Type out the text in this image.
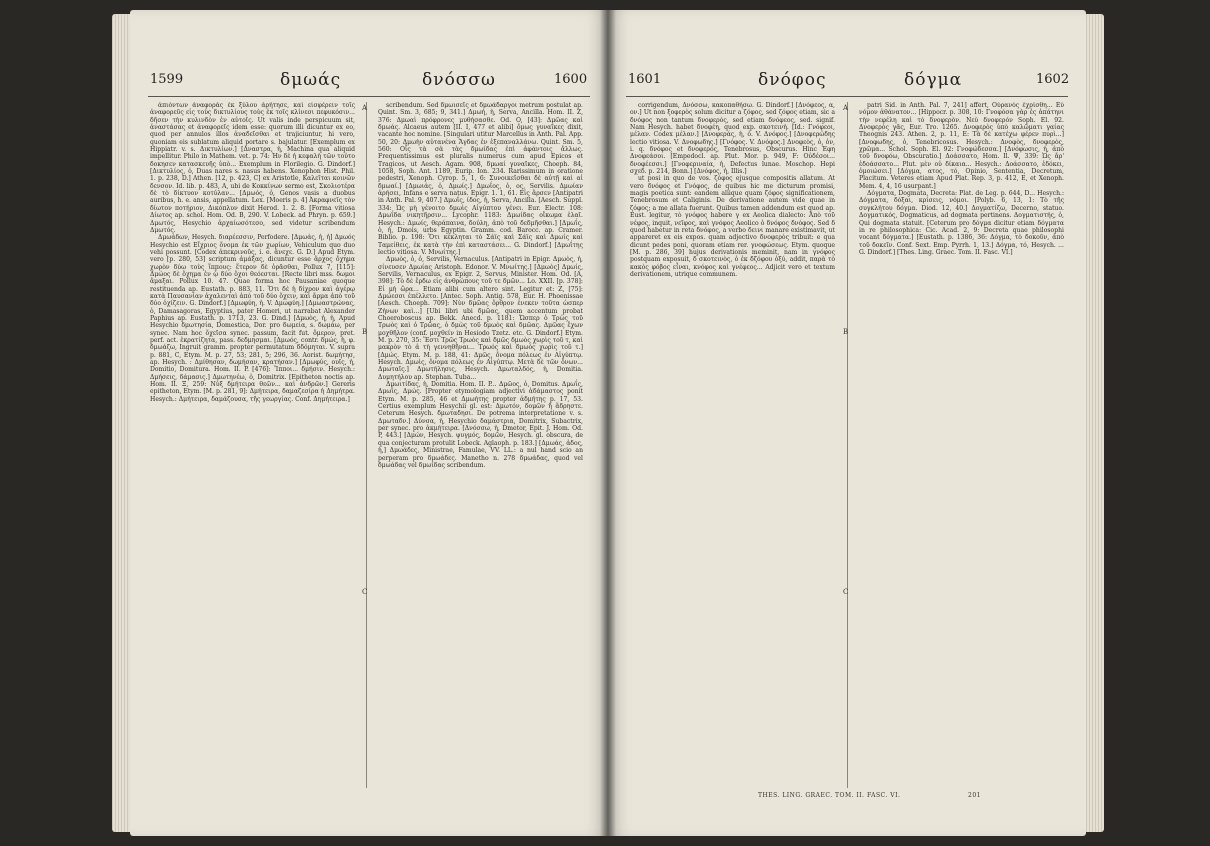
1599	δμωάς	δνόσσω	1600

ἀπιόντων ἀναφορὰς ἐκ ξύλου ἀρήτησε, καὶ εἰσφέρειν τοῖς ἀναφορεῦς εἰς τοὺς δικτυλίους τοὺς ἐκ τοῖς κλίνεσι πεφυκόσιν... δῆσεν τὴν κυλινδὸν ἐν αὐτοῖς. Ut valis inde perspicuum sit, ἀναστάσας et ἀναφορεῖς idem esse: quorum illi dicuntur ex eo, quod per annulos illos ἀναδεῖσθαι et trajiciuntur, hi vero, quoniam eis sublatum aliquid portare s. bajulatur. [Exemplum ex Hippiatr. v. s. Δικτυλίων.] [Δναστρα, ἡ, Machina qua aliquid impellitur. Philo in Mathem. vet. p. 74: Ἡν δὲ ἡ κεφαλὴ τῶν τούτο δοκησεν κατασκευῆς ὑπὸ... Exemplum in Florilegio. G. Dindorf.] [Δικτυλίος, ὁ, Duas nares s. nasus habens. Xenophon Hist. Phil. 1. p. 238, D.] Athen. [12, p. 423, C] ex Aristotle, Καλεῖται κοινῶν δενσον. Id. lib. p. 483, A, ubi de Κοκκίνων sermo est, Σκολιοτέρα δὲ τὸ δίκτυον κοτύλαν... [Δμωός, ὁ, Genos vasis a duobus auribus, h. e. ansis, appellatum. Lex. [Moeris p. 4] Ἀκραφνεῖς τὸν δίωτον ποτήριον, Δικόπλυν dixit Herod. 1. 2. 8. [Forma vitiosa Δίωτος ap. schol. Hom. Od. B, 290. V. Lobeck. ad Phryn. p. 659.] Δμωτός, Hesychio ἀρχαίωσότεσο, sed videtur scribendum Δμωτός.

Δμωάδων, Hesych. διαρέεσσιν, Perfodere. [Δμωάς, ἡ, ἡ] Δμωός Hesychio est Εἴχριος ὄνομα ἐκ τῶν χωρίων, Vehiculum quo duo vehi possunt. [Codex ἀπεκρινοῦς, i. e. ἄνεχε. G. D.] Apud Etym. vero [p. 280, 53] scriptum ἀμάξας, dicuntur esse ἄρχος ὄχημα χωρὸν δύω τοὺς ἵππους: ἕτερον δὲ ὁρᾶσθαι, Pollux 7, [115]: Δμώος δὲ ὄχημα ἐν ᾧ δύο ὄχοι θεόεσται. [Recte libri mss. δωμοι ἄμαξαι. Pollux 10. 47. Quae forma hoc Pausaniae quoque restituenda ap. Eustath. p. 883, 11. Ὅτι δὲ ἡ δίχρον καὶ ἀγέρῳ κατὰ Παυσανίαν ἀχαλενταὶ ἀπὸ τοῦ δύο ὄχειν, καὶ ἄρμα ἀπὸ τοῦ δύο ὀχίζειν. G. Dindorf.] [Δμωφύη, ἡ. V. Δμωφύη.] [Δμωαστρώνας, ὁ, Damasagoras, Egyptius, pater Homeri, ut narrabat Alexander Paphius ap. Eustath. p. 1713, 23. G. Dind.] [Δμωὸς, ἡ, ἡ, Apud Hesychio δμωτησία, Domestica, Dor. pro δωμεία, s. δωμάω, per synec. Nam hoc ὄχεῖσα synec. passum, facit fut. ὄμερον, pret. perf. act. ἐκρατίζητα, pass. δεδμησμαι. [Δμωός, contr. δμώς, ἡ, φ. δμωάζω, Ingruit gramm. propter permutatum δδόμηται. V. supra p. 881, C, Etym. M. p. 27, 53; 281, 5; 296, 36. Aorist. δωμήτησ, ap. Hesych. : Δμίθησαν, δωμήσαν, κρατήσαν.] [Δμωφύς, ουῖς, ἡ, Domitio, Domitura. Hom. II. P. [476]: Ἵπποι... δμήσιν. Hesych.: Δμήσεις, δάμασις.] Δμωτηνέω, ὁ, Domitrix. [Epitheton noctis ap. Hom. II. Ξ, 259: Νὺξ δμήτειρα θεῶν... καὶ ἀνδρῶν.] Gereris epitheton, Etym. [M. p. 281, 9]: Δμήτειρα, δαμαζεσίρα ἡ Δημήτρα. Hesych.: Δμήτειρα, δαμάζουσα, τῆς γεωργίας. Conf. Δημήτειρα.]

A
B
C

scribendum. Sed δμωισεῖς et δμωάδαργοι metrum postulat ap. Quint. Sm. 3, 685; 9, 341.] Δμωή, ἡ, Serva, Ancilla. Hom. II. Z, 376: Δμωαὶ πρόφρονες μυθήσασθε. Od. O, [43]: Δμῶας καὶ δμωάς. Alcaeus autem [II. I, 477 et alibi] ὄμως γυναῖκες dixit, vacante hoc nomine. [Singulari utitur Marcellus in Anth. Pal. App. 50, 20: Δμωὴν αὐτανένα Ἄγδας ἐν ἐξεπαναλλάνω. Quint. Sm. 5, 560: Οἷς τὰ σὰ τὰς δμωίδας ἐπὶ ἀφάντοις ἄλλως. Frequentissimus est pluralis numerus cum apud Epicos et Tragicos, ut Aesch. Agam. 908, δμωαί γυναῖκες, Choeph. 84, 1058, Soph. Ant. 1189, Eurip. Ion. 234. Rarissimum in oratione pedestri, Xenoph. Cyrop. 5, 1, 6: Συνοικεῖσθαι δὲ αὐτῇ καὶ αἱ δμωαί.] [Δμωιάς, ὁ, Δμωίς.] Δμωΐος, ὁ, ος, Servilis. Δμωίαν ἀρήσει, Infans e serva natus. Epigr. 1. 1, 61. Εἰς ἄρσεν [Antipatri in Anth. Pal. 9, 407.] Δμωΐς, ίδος, ἡ, Serva, Ancilla. [Aesch. Suppl. 334: Ὡς μὴ γένοιτο δμωὶς Αἰγύπτου γένει. Eur. Electr. 108: Δμωΐδα νικητῆρσιν... Lycophr. 1183: Δμωίδας οἴκωμα ἐλαῖ. Hesych.: Δμωίς, θεράπαινα, δούλη, ἀπὸ τοῦ δεδμῆσθαι.] [Δμωΐς, ὁ, ἡ, Dmois, urbs Egyptin. Gramm. cod. Barocc. ap. Cramer. Biblio. p. 198: Ὅτι κέκληται τὸ Σάϊς καὶ Σάϊς καὶ Δμωίς καὶ Ταμείθεις, ἐκ κατὰ τὴν ἐπὶ καταστάσει... G. Dindorf.] [Δμωΐτης lectio vitiosa. V. Μνωίτης.]

Δμωὸς, ὁ, ὁ, Servilis, Vernaculus. [Antipatri in Epigr. Δμωὸς, ἡ, σίνευσεν Δμωίας Aristoph. Edonor. V. Μνωίτης.] [Δμωὸς] Δμωίς, Servilis, Vernaculus, ex Epigr. 2, Servus, Minister. Hom. Od. [A, 398]: Τὸ δὲ ἔρδω εἰς ἀνθρώπους τοῦ τε δμῶν... Lo. XXII. [p. 378]: Εἰ μὴ ὥρα... Etiam alibi cum altero sint. Legitur et: Ζ, [75]: Δμώεσσι ἐπέλλετο. [Antec. Soph. Antig. 578, Eur. H. Phoenissae [Aesch. Choeph. 709]: Νὺν δμῶας ὄρθρον ἐνεκεν τοῦτα ὡσπερ Ζήνων καὶ...] [Ubi libri ubi δμῶας, quem accentum probat Choeroboscus ap. Bekk. Anecd. p. 1181: Ὥσπερ ὁ Τρὼς τοῦ Τρωὸς καὶ ὁ Τρῶας, ὁ δμὼς τοῦ δμωὸς καὶ δμῶας. Δμῶας ἔχων μοχθῆλον (conf. μοχθείν in Hesiodo Tzetz. etc. G. Dindorf.] Etym. M. p. 270, 35: Ἔστι Τρῶς Τρωὸς καὶ δμῶς δμωὸς χωρὶς τοῦ τ, καὶ μακρὸν τὸ ἀ τὴ γεννηθῆναι... Τρωός καὶ δμωός χωρὶς τοῦ τ.] [Δμώς. Etym. M. p. 188, 41: Δμῶς, ὄνομα πόλεως ἐν Αἰγύπτῳ. Hesych. Δμωὶς, ὄνομα πόλεως ἐν Αἰγύπτῳ. Μετὰ δὲ τῶν ὄνων... Δμωταῖς.] Δμωτήλησις, Hesych. Δμωταλδός, ἡ, Domitia. Δυμητήλου ap. Stephan. Tuba...

Δμωιτίδας, ἡ, Domitia. Hom. II. P... Δμῶος, ὁ, Domitus. Δμωΐς, Δμωΐς, Δμώς. [Propter etymologiam adjectivi ἀδάμαστος ponit Etym. M. p. 285, 46 et Δμωήτης propter ἀδμήτης p. 17, 53. Certius exemplum Hesychii gl. est: Δμωτόν, δομῶν ἢ ἄδρηστε. Ceterum Hesych. δμωταδησι. De potrema interpretatione v. s. Δμωταδν.] Δύνσα, ἡ, Hesychio δαμάστρια, Domitrix, Subactrix, per synec. pro ἀκμήτειρα. [Δνόσσω, ἡ, Dmetor, Epit. J. Hom. Od. P, 443.] [Δμών, Hesych. ψυγμός, δομῶν, Hesych. gl. obscura, de qua conjecturam protulit Lobeck. Aglaoph. p. 183.] [Δμωάς, ἀδος, ἡ,] Δμωάδες, Ministrae, Famulae, VV. LL.: a nul hand scio an perperam pro δμωάδες. Manetho n. 278 δμωάδας, quod vel δμωάδας vel δμωίδας scribendum.

1601	δνόφος	δόγμα	1602

corrigendum, Δνόσσω, κακοπαθήσω. G. Dindorf.] [Δνόφεος, α, ον.] Ut non ξοφερὸς solum dicitur a ζόφος, sed ζόφος etiam, sic a δνόφος non tantum δνοφερὸς, sed etiam δνόφεος, sed. signif. Nam Hesych. habet δνοφέη, quod exp. σκοτεινή. [Id.: Γνόφεοι, μέλαν. Codex μέλαν.] [Δνοφεράς, ἡ, ὁ. V. Δνόφος.] [Δνοφερώδης lectio vitiosa. V. Δνοφωδης.] [Γνόφος. V. Δνόφος.] Δνοφεὸς, ὁ, ὁν, i. q. δνόφος et δνοφερός, Tenebrosus, Obscurus. Hinc Ἐφη Δνοφεάσοι. [Empedocl. ap. Plut. Mor. p. 949, F: Οὐδέσοι... δνοφέεσσι.] [Γνοφεριναία, ἡ, Defectus lunae. Moschop. Hepi σχεδ. p. 214, Bonn.] [Δνόφος, ἡ, Illis.]

ut posi in quo de vos. ζόφος ejusque compositis allatum. At vero δνόφος et Γνόφος, de quibus hic me dicturum promisi, magis poetica sunt: eandem aliique quam ζόφος significationem, Tenebrosum et Caliginis. De derivatione autem vide quae in ζόφος; a me allata fuerunt. Quibus tamen addendum est quod ap. Eust. legitur, τὸ γνόφος habere γ ex Aeolica dialecto: Ἀπὸ τοῦ νέφος, inquit, νεῖφος, καὶ γνόφος Aeolico ὁ δνόφος δνόφος. Sed δ quod habetur in reta δνόφος, a verbo δεινι manare existimavit, ut appareret ex eis expos. quam adjectivo δνοφερὸς tribuit: e qua dicunt pedes poni, quoram etiam rer. γνοφώσεως. Etym. quoque [M. p. 286, 39] hujus derivationis meminit, nam in γνόφος postquam exposuit, δ σκοτεινὸς, ὁ ἐκ δζόφου ὀξύ, addit, παρὰ τὸ κακὸς φόβος εἶναι, κνόφος καὶ γνέφεος... Adjicit vero et textum derivationem, utrique communem.

A
B
C

patri Sid. in Anth. Pal. 7, 241] affert, Οὐρανὸς ἐχρίσθη... Eὐ νόμον ἀθάνατον... [Hippocr. p. 308, 10: Γνοφόσα γὰρ ἐς ἀπάτηνι τὴν νεφέλη καὶ τὸ δνοφερὸν. Νεὺ δνοφερόν Soph. El. 92. Δνοφερὸς γᾶς, Eur. Tro. 1265. Δνοφερὸς ὑπὸ καλῶματι γαίας Theognis 243. Athen. 2, p. 11, E: Τὰ δὲ κατέχω φέρεν πυρὶ...] [Δνοφωδης, ὁ, Tenebricosus. Hesych.: Δνοφὸς, δνοφερὸς, χρῶμα... Schol. Soph. El. 92: Γνοφώδεσσα.] [Δνόφωσις, ἡ, ἀπὸ τοῦ δνοφόω, Obscuratio.] Δοάσσατο, Hom. Il. Ψ, 339: Ὡς ἄρ' ἐδοάσσατο... Plut. μὲν οὐ δίκαια... Hesych.: Δοάσσατο, ἐδόκει, ὁμοιώσει.] [Δόγμα, ατος, τό, Opinio, Sententia, Decretum, Placitum. Veteres etiam Apud Plat. Rep. 3, p. 412, E, et Xenoph. Mem. 4, 4, 16 usurpant.]

Δόγματα, Dogmata, Decreta: Plat. de Leg. p. 644, D... Hesych.: Δόγματα, δόξαι, κρίσεις, νόμοι. [Polyb. 6, 13, 1: Τὸ τῆς συγκλήτου δόγμα. Diod. 12, 40.] Δογματίζω, Decerno, statuo. Δογματικός, Dogmaticus, ad dogmata pertinens. Δογματιστής, ὁ, Qui dogmata statuit. [Ceterum pro δόγμα dicitur etiam δόγματα in re philosophica: Cic. Acad. 2, 9: Decreta quae philosophi vocant δόγματα.] [Eustath. p. 1386, 36: Δόγμα, τὸ δοκοῦν, ἀπὸ τοῦ δοκεῖν. Conf. Sext. Emp. Pyrrh. 1, 13.] Δόγμα, τό, Hesych. ... G. Dindorf.] [Thes. Ling. Graec. Tom. II. Fasc. VI.]

THES. LING. GRAEC. TOM. II. FASC. VI.	201
